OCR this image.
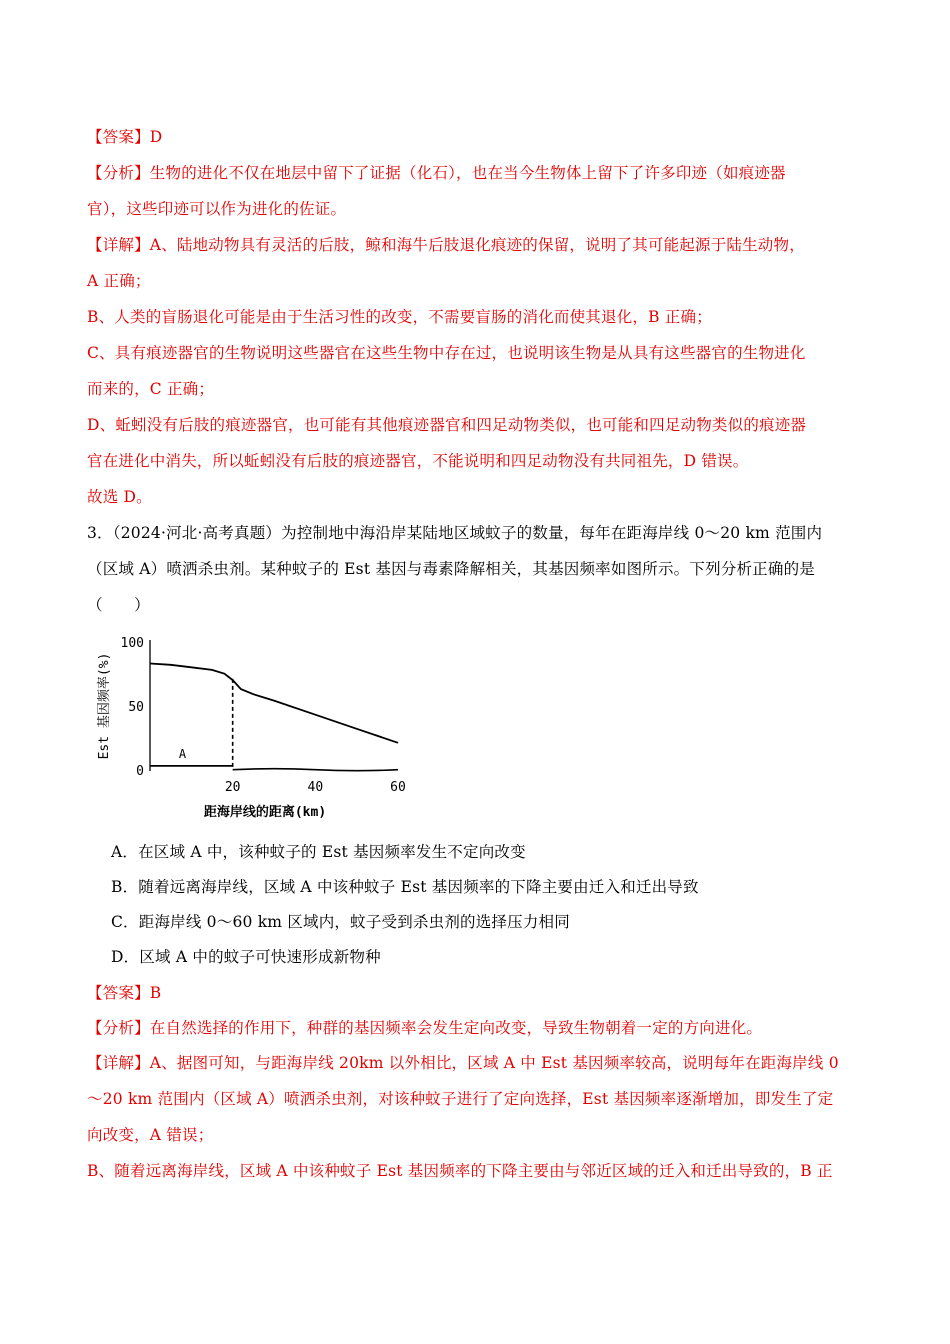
【答案】D
【分析】生物的进化不仅在地层中留下了证据（化石），也在当今生物体上留下了许多印迹（如痕迹器
官），这些印迹可以作为进化的佐证。
【详解】A、陆地动物具有灵活的后肢，鲸和海牛后肢退化痕迹的保留，说明了其可能起源于陆生动物，
A 正确；
B、人类的盲肠退化可能是由于生活习性的改变，不需要盲肠的消化而使其退化，B 正确；
C、具有痕迹器官的生物说明这些器官在这些生物中存在过，也说明该生物是从具有这些器官的生物进化
而来的，C 正确；
D、蚯蚓没有后肢的痕迹器官，也可能有其他痕迹器官和四足动物类似，也可能和四足动物类似的痕迹器
官在进化中消失，所以蚯蚓没有后肢的痕迹器官，不能说明和四足动物没有共同祖先，D 错误。
故选 D。
3．（2024·河北·高考真题）为控制地中海沿岸某陆地区域蚊子的数量，每年在距海岸线 0～20 km 范围内
（区域 A）喷洒杀虫剂。某种蚊子的 Est 基因与毒素降解相关，其基因频率如图所示。下列分析正确的是
（　　）
100
50
0
20	40	60
Est 基因频率(%)
距海岸线的距离(km)
A
A．在区域 A 中，该种蚊子的 Est 基因频率发生不定向改变
B．随着远离海岸线，区域 A 中该种蚊子 Est 基因频率的下降主要由迁入和迁出导致
C．距海岸线 0～60 km 区域内，蚊子受到杀虫剂的选择压力相同
D．区域 A 中的蚊子可快速形成新物种
【答案】B
【分析】在自然选择的作用下，种群的基因频率会发生定向改变，导致生物朝着一定的方向进化。
【详解】A、据图可知，与距海岸线 20km 以外相比，区域 A 中 Est 基因频率较高，说明每年在距海岸线 0
～20 km 范围内（区域 A）喷洒杀虫剂，对该种蚊子进行了定向选择，Est 基因频率逐渐增加，即发生了定
向改变，A 错误；
B、随着远离海岸线，区域 A 中该种蚊子 Est 基因频率的下降主要由与邻近区域的迁入和迁出导致的，B 正
